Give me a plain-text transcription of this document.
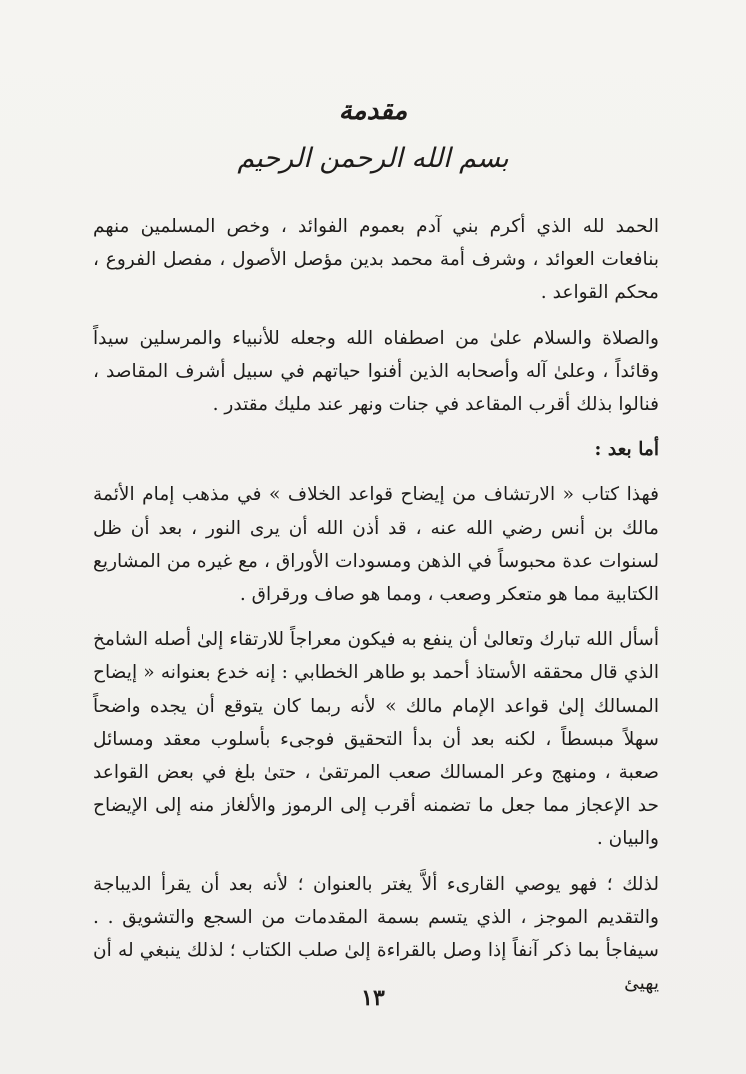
مقدمة
بسم الله الرحمن الرحيم

الحمد لله الذي أكرم بني آدم بعموم الفوائد ، وخص المسلمين منهم بنافعات العوائد ، وشرف أمة محمد بدين مؤصل الأصول ، مفصل الفروع ، محكم القواعد .

والصلاة والسلام علىٰ من اصطفاه الله وجعله للأنبياء والمرسلين سيداً وقائداً ، وعلىٰ آله وأصحابه الذين أفنوا حياتهم في سبيل أشرف المقاصد ، فنالوا بذلك أقرب المقاعد في جنات ونهر عند مليك مقتدر .

أما بعد :

فهذا كتاب « الارتشاف من إيضاح قواعد الخلاف » في مذهب إمام الأئمة مالك بن أنس رضي الله عنه ، قد أذن الله أن يرى النور ، بعد أن ظل لسنوات عدة محبوساً في الذهن ومسودات الأوراق ، مع غيره من المشاريع الكتابية مما هو متعكر وصعب ، ومما هو صاف ورقراق .

أسأل الله تبارك وتعالىٰ أن ينفع به فيكون معراجاً للارتقاء إلىٰ أصله الشامخ الذي قال محققه الأستاذ أحمد بو طاهر الخطابي : إنه خدع بعنوانه « إيضاح المسالك إلىٰ قواعد الإمام مالك » لأنه ربما كان يتوقع أن يجده واضحاً سهلاً مبسطاً ، لكنه بعد أن بدأ التحقيق فوجىء بأسلوب معقد ومسائل صعبة ، ومنهج وعر المسالك صعب المرتقىٰ ، حتىٰ بلغ في بعض القواعد حد الإعجاز مما جعل ما تضمنه أقرب إلى الرموز والألغاز منه إلى الإيضاح والبيان .

لذلك ؛ فهو يوصي القارىء ألاَّ يغتر بالعنوان ؛ لأنه بعد أن يقرأ الديباجة والتقديم الموجز ، الذي يتسم بسمة المقدمات من السجع والتشويق . . سيفاجأ بما ذكر آنفاً إذا وصل بالقراءة إلىٰ صلب الكتاب ؛ لذلك ينبغي له أن يهيئ

١٣
